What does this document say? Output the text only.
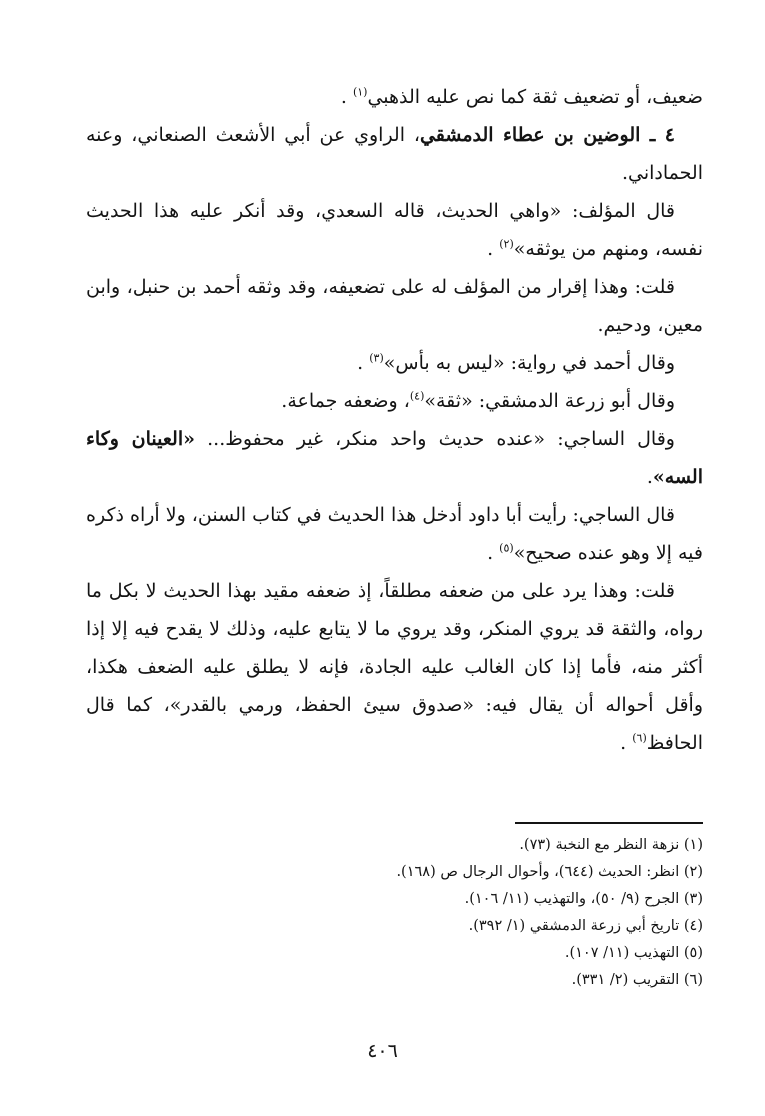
ضعيف، أو تضعيف ثقة كما نص عليه الذهبي$^{(١)}$ .

٤ ـ الوضين بن عطاء الدمشقي، الراوي عن أبي الأشعث الصنعاني، وعنه الحماداني.

قال المؤلف: «واهي الحديث، قاله السعدي، وقد أنكر عليه هذا الحديث نفسه، ومنهم من يوثقه»$^{(٢)}$ .

قلت: وهذا إقرار من المؤلف له على تضعيفه، وقد وثقه أحمد بن حنبل، وابن معين، ودحيم.

وقال أحمد في رواية: «ليس به بأس»$^{(٣)}$ .

وقال أبو زرعة الدمشقي: «ثقة»$^{(٤)}$، وضعفه جماعة.

وقال الساجي: «عنده حديث واحد منكر، غير محفوظ... «العينان وكاء السه».

قال الساجي: رأيت أبا داود أدخل هذا الحديث في كتاب السنن، ولا أراه ذكره فيه إلا وهو عنده صحيح»$^{(٥)}$ .

قلت: وهذا يرد على من ضعفه مطلقاً، إذ ضعفه مقيد بهذا الحديث لا بكل ما رواه، والثقة قد يروي المنكر، وقد يروي ما لا يتابع عليه، وذلك لا يقدح فيه إلا إذا أكثر منه، فأما إذا كان الغالب عليه الجادة، فإنه لا يطلق عليه الضعف هكذا، وأقل أحواله أن يقال فيه: «صدوق سيئ الحفظ، ورمي بالقدر»، كما قال الحافظ$^{(٦)}$ .

(١) نزهة النظر مع النخبة (٧٣).
(٢) انظر: الحديث (٦٤٤)، وأحوال الرجال ص (١٦٨).
(٣) الجرح (٩/ ٥٠)، والتهذيب (١١/ ١٠٦).
(٤) تاريخ أبي زرعة الدمشقي (١/ ٣٩٢).
(٥) التهذيب (١١/ ١٠٧).
(٦) التقريب (٢/ ٣٣١).
٤٠٦
